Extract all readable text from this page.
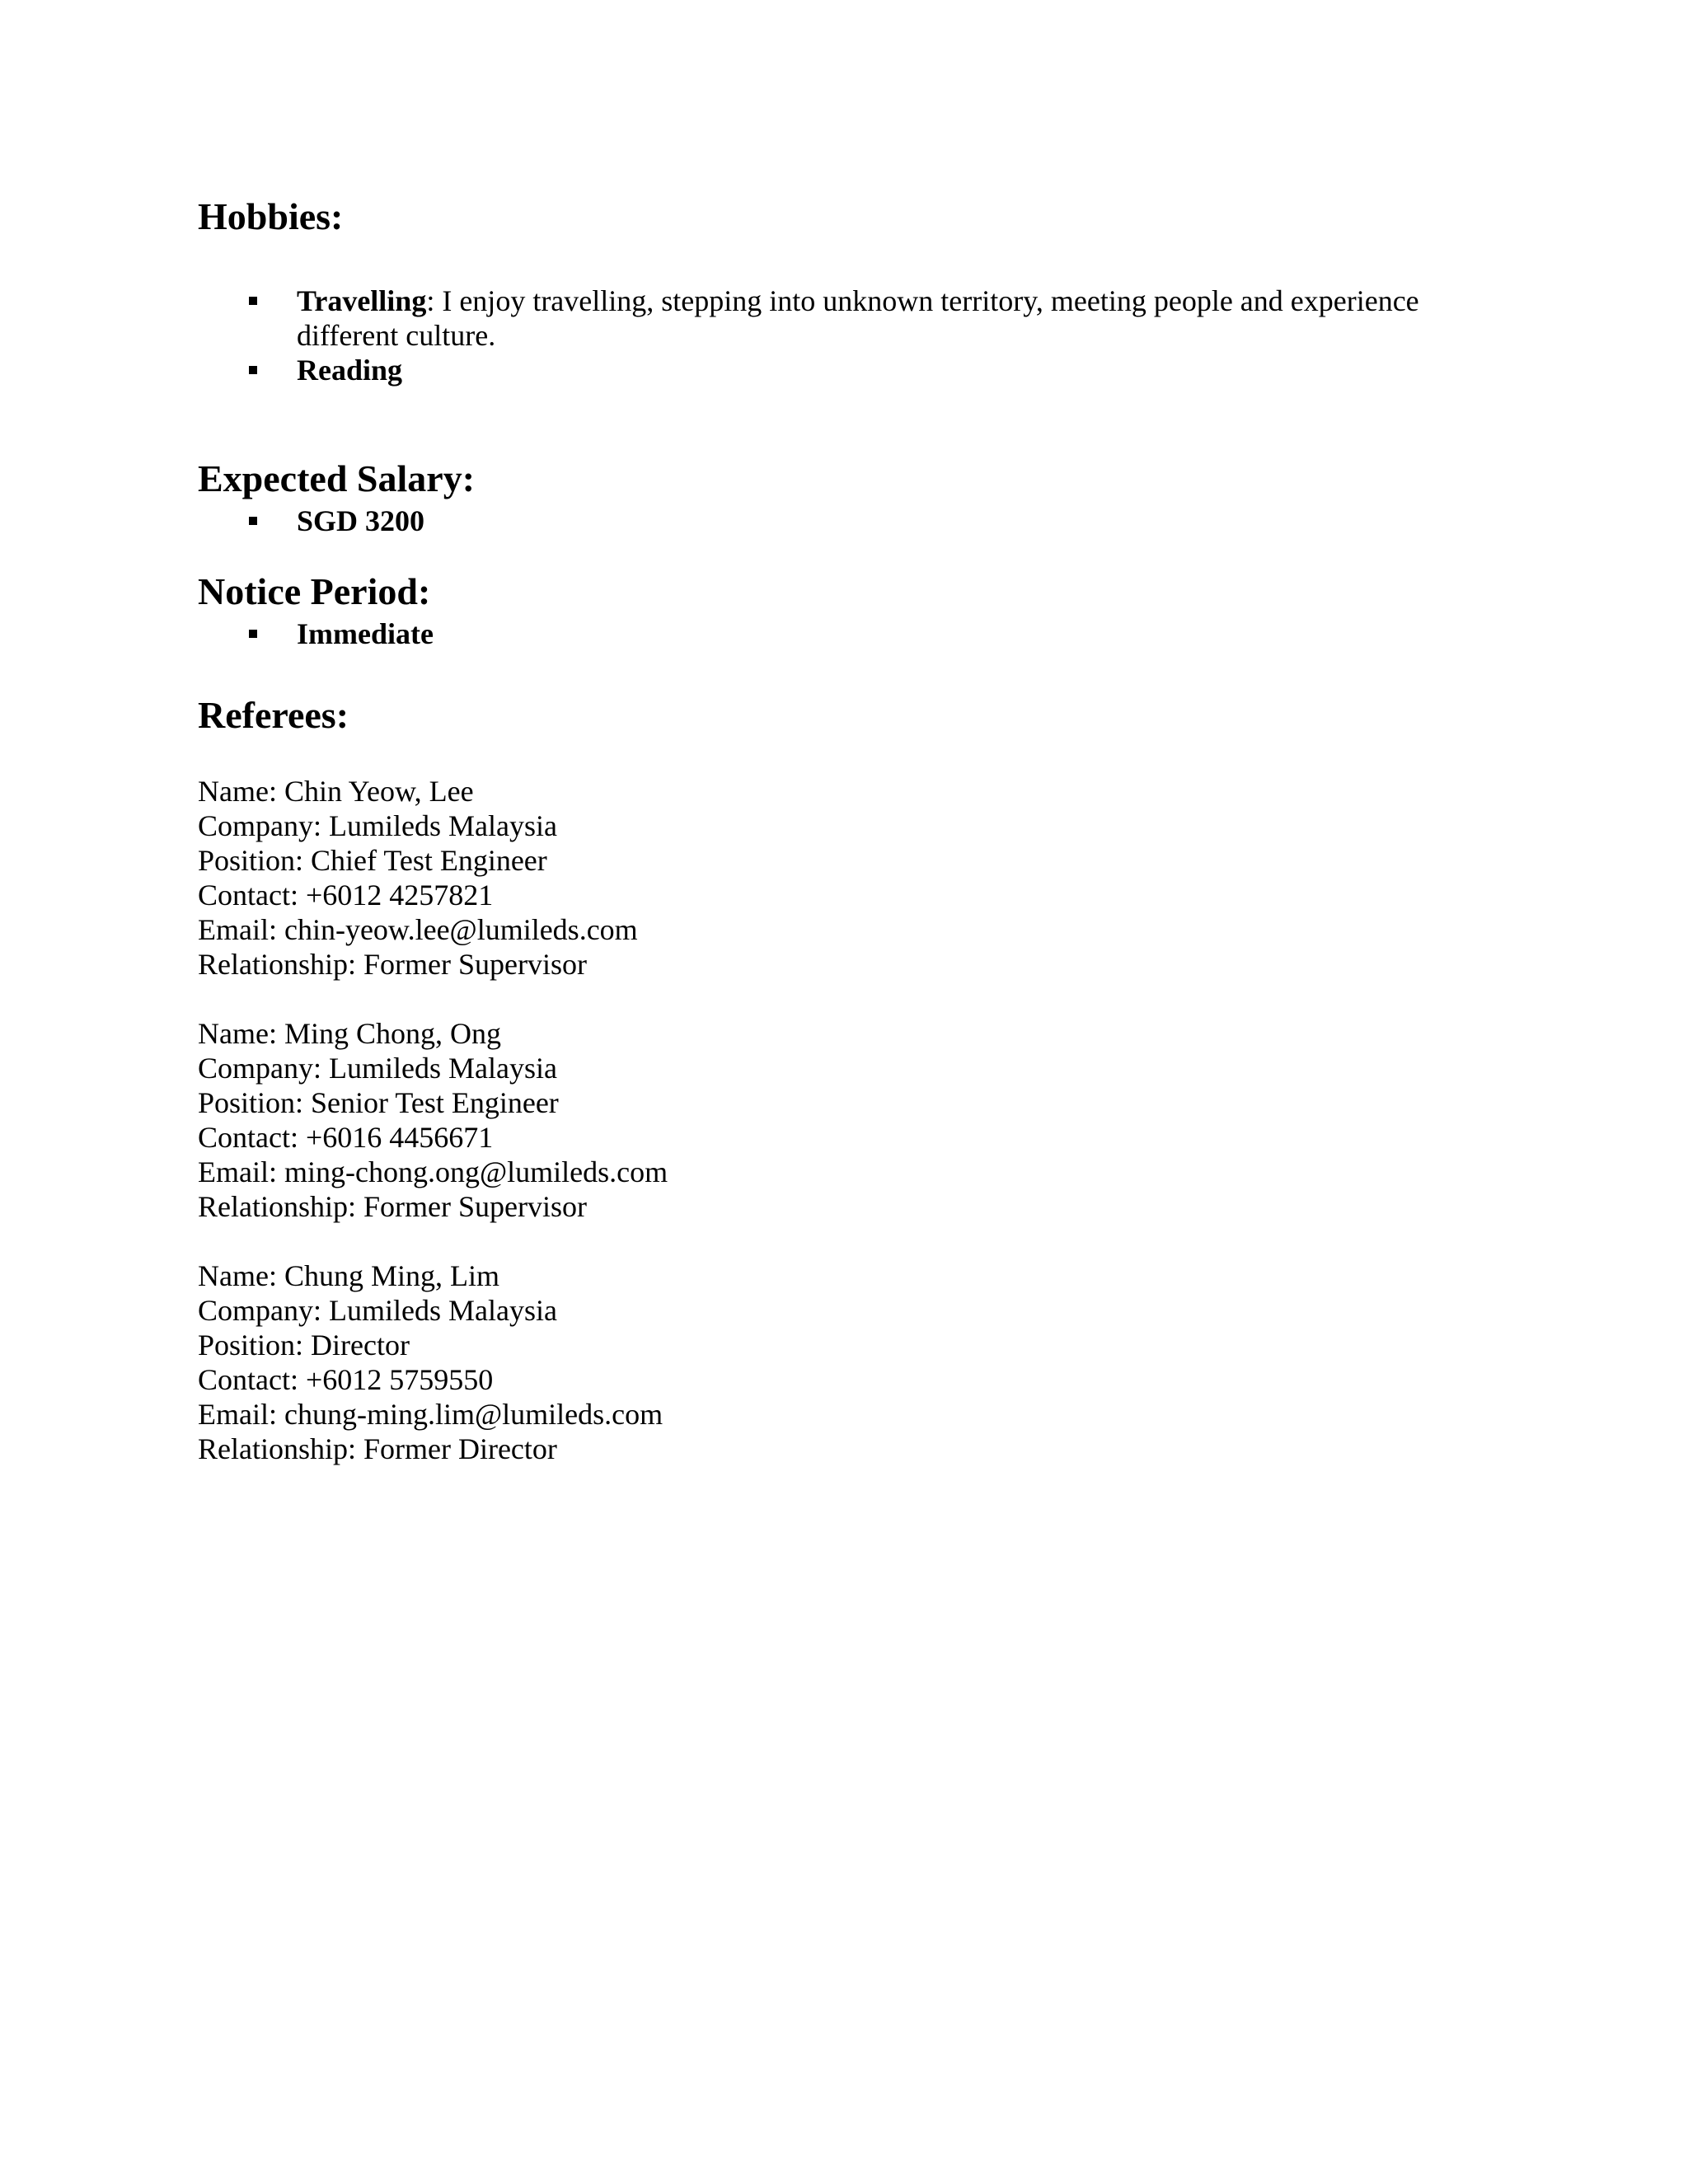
Hobbies:
Travelling: I enjoy travelling, stepping into unknown territory, meeting people and experience different culture.
Reading
Expected Salary:
SGD 3200
Notice Period:
Immediate
Referees:
Name: Chin Yeow, Lee
Company: Lumileds Malaysia
Position: Chief Test Engineer
Contact: +6012 4257821
Email: chin-yeow.lee@lumileds.com
Relationship: Former Supervisor
Name: Ming Chong, Ong
Company: Lumileds Malaysia
Position: Senior Test Engineer
Contact: +6016 4456671
Email: ming-chong.ong@lumileds.com
Relationship: Former Supervisor
Name: Chung Ming, Lim
Company: Lumileds Malaysia
Position: Director
Contact: +6012 5759550
Email: chung-ming.lim@lumileds.com
Relationship: Former Director
